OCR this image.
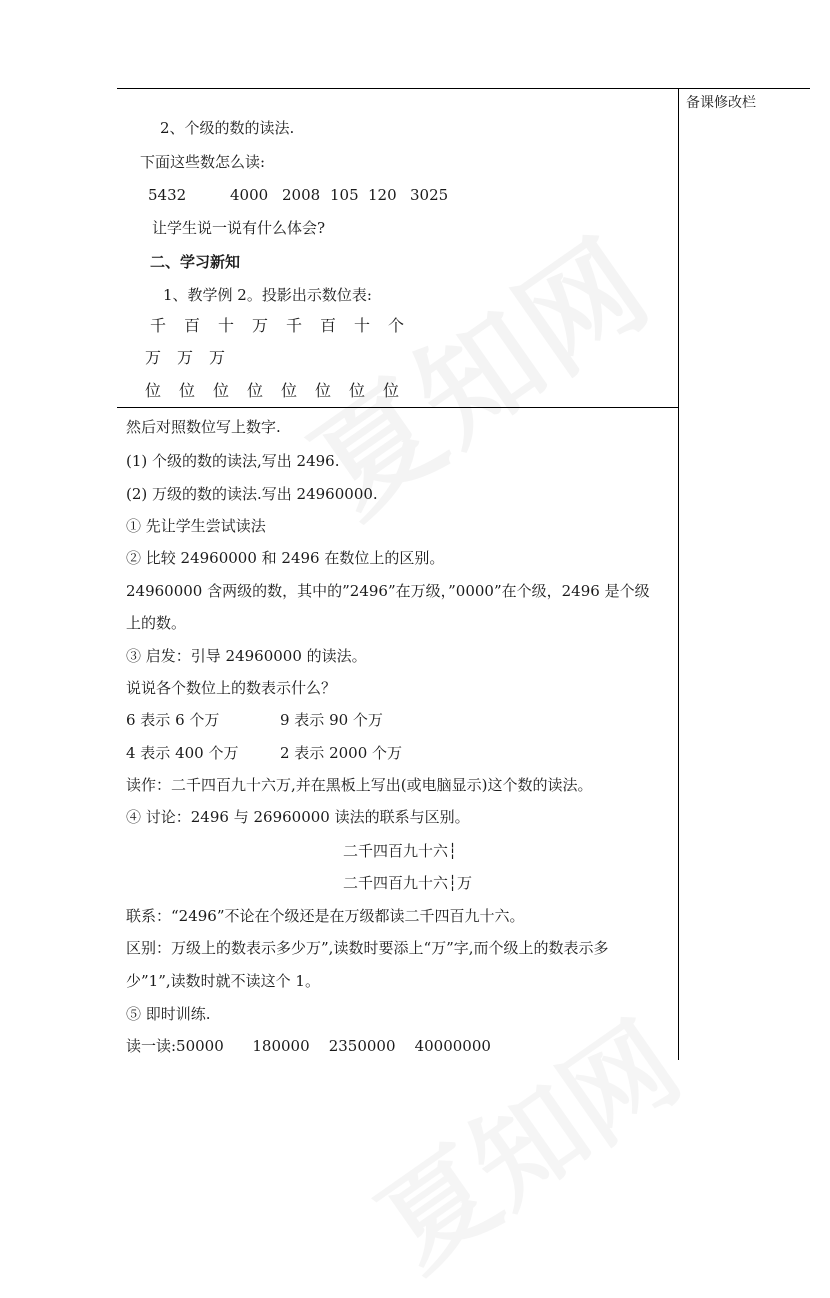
备课修改栏
2、个级的数的读法.
下面这些数怎么读:
5432	4000 2008 105 120 3025
让学生说一说有什么体会?
二、学习新知
1、教学例 2。投影出示数位表:
千 百 十 万 千 百 十 个
万 万 万
位 位 位 位 位 位 位 位
然后对照数位写上数字.
(1) 个级的数的读法,写出 2496.
(2) 万级的数的读法.写出 24960000.
① 先让学生尝试读法
② 比较 24960000 和 2496 在数位上的区别。
24960000 含两级的数，其中的”2496”在万级，”0000”在个级，2496 是个级
上的数。
③ 启发：引导 24960000 的读法。
说说各个数位上的数表示什么？
6 表示 6 个万	9 表示 90 个万
4 表示 400 个万	2 表示 2000 个万
读作：二千四百九十六万,并在黑板上写出(或电脑显示)这个数的读法。
④ 讨论：2496 与 26960000 读法的联系与区别。
二千四百九十六┆
二千四百九十六┆万
联系：“2496”不论在个级还是在万级都读二千四百九十六。
区别：万级上的数表示多少万”,读数时要添上“万”字,而个级上的数表示多
少”1”,读数时就不读这个 1。
⑤ 即时训练.
读一读:50000      180000    2350000    40000000
